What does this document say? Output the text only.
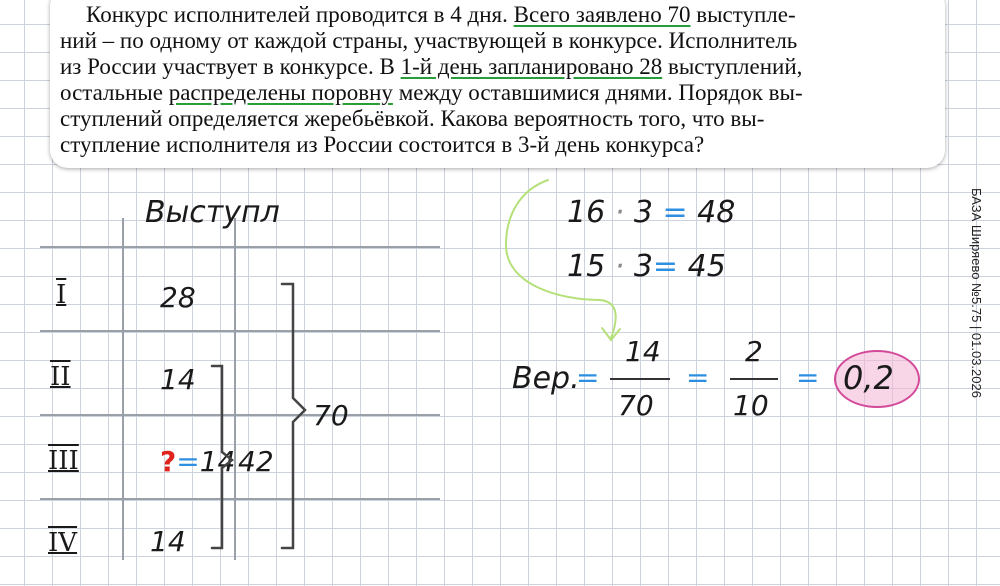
Конкурс исполнителей проводится в 4 дня. Всего заявлено 70 выступле-
ний – по одному от каждой страны, участвующей в конкурсе. Исполнитель
из России участвует в конкурсе. В 1-й день запланировано 28 выступлений,
остальные распределены поровну между оставшимися днями. Порядок вы-
ступлений определяется жеребьёвкой. Какова вероятность того, что вы-
ступление исполнителя из России состоится в 3-й день конкурса?
БАЗА Ширяево №5.75 | 01.03.2026
Выступл
I
II
III
IV
28
14
?=14
14
42
70
16 · 3 = 48
15 · 3= 45
Вер.
=
14
70
=
2
10
= 0,2
